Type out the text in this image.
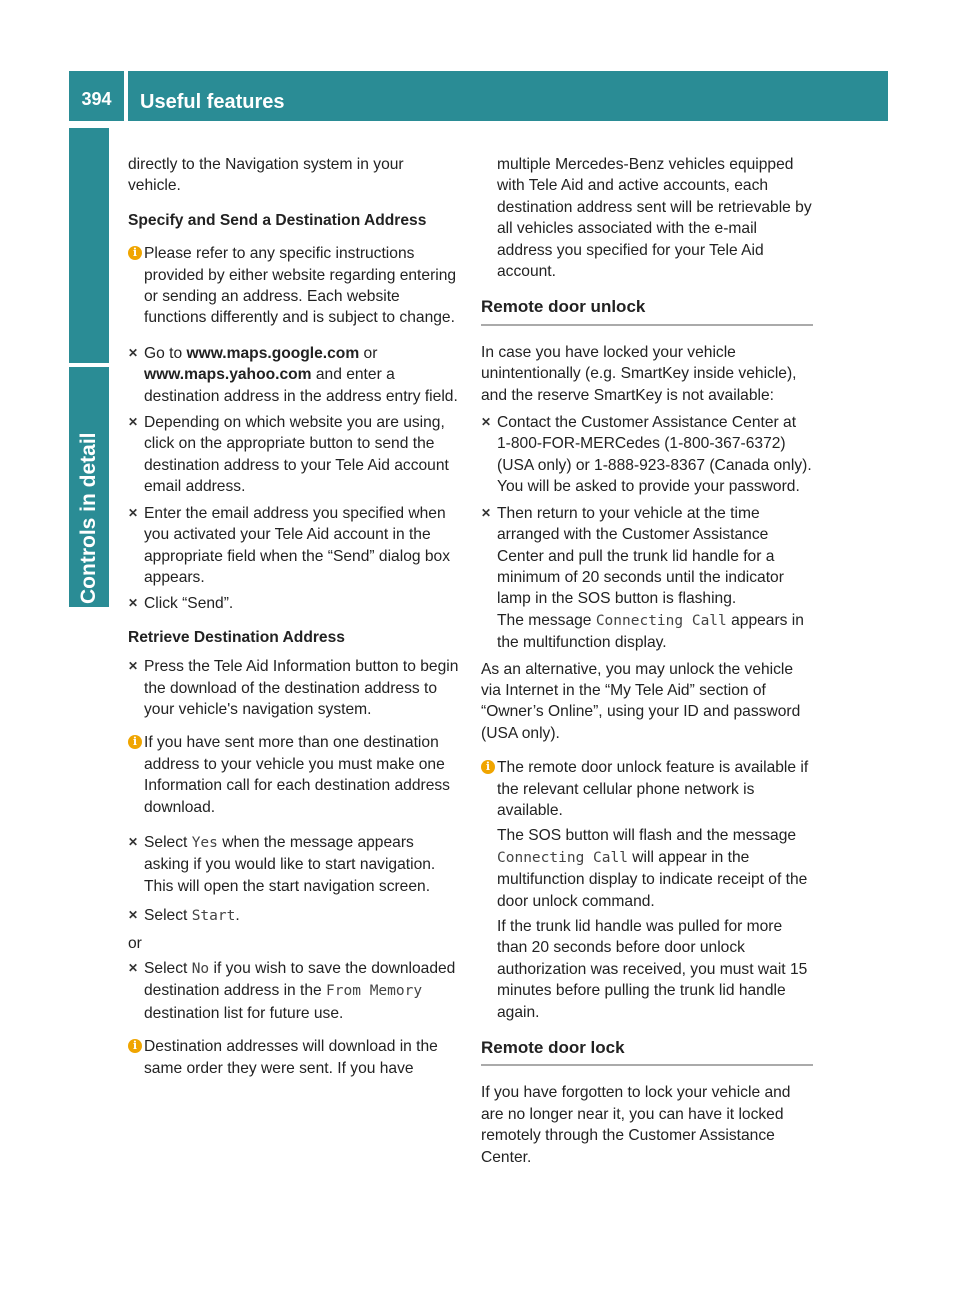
394	Useful features
Controls in detail

directly to the Navigation system in your vehicle.

Specify and Send a Destination Address

i Please refer to any specific instructions provided by either website regarding entering or sending an address. Each website functions differently and is subject to change.
✕ Go to www.maps.google.com or www.maps.yahoo.com and enter a destination address in the address entry field.
✕ Depending on which website you are using, click on the appropriate button to send the destination address to your Tele Aid account email address.
✕ Enter the email address you specified when you activated your Tele Aid account in the appropriate field when the “Send” dialog box appears.
✕ Click “Send”.

Retrieve Destination Address

✕ Press the Tele Aid Information button to begin the download of the destination address to your vehicle's navigation system.
i If you have sent more than one destination address to your vehicle you must make one Information call for each destination address download.
✕ Select Yes when the message appears asking if you would like to start navigation. This will open the start navigation screen.
✕ Select Start.

or

✕ Select No if you wish to save the downloaded destination address in the From Memory destination list for future use.
i Destination addresses will download in the same order they were sent. If you have

multiple Mercedes-Benz vehicles equipped with Tele Aid and active accounts, each destination address sent will be retrievable by all vehicles associated with the e-mail address you specified for your Tele Aid account.

Remote door unlock

In case you have locked your vehicle unintentionally (e.g. SmartKey inside vehicle), and the reserve SmartKey is not available:

✕ Contact the Customer Assistance Center at 1-800-FOR-MERCedes (1-800-367-6372) (USA only) or 1-888-923-8367 (Canada only).
You will be asked to provide your password.
✕ Then return to your vehicle at the time arranged with the Customer Assistance Center and pull the trunk lid handle for a minimum of 20 seconds until the indicator lamp in the SOS button is flashing.
The message Connecting Call appears in the multifunction display.

As an alternative, you may unlock the vehicle via Internet in the “My Tele Aid” section of “Owner’s Online”, using your ID and password (USA only).

i The remote door unlock feature is available if the relevant cellular phone network is available.

The SOS button will flash and the message Connecting Call will appear in the multifunction display to indicate receipt of the door unlock command.

If the trunk lid handle was pulled for more than 20 seconds before door unlock authorization was received, you must wait 15 minutes before pulling the trunk lid handle again.

Remote door lock

If you have forgotten to lock your vehicle and are no longer near it, you can have it locked remotely through the Customer Assistance Center.
